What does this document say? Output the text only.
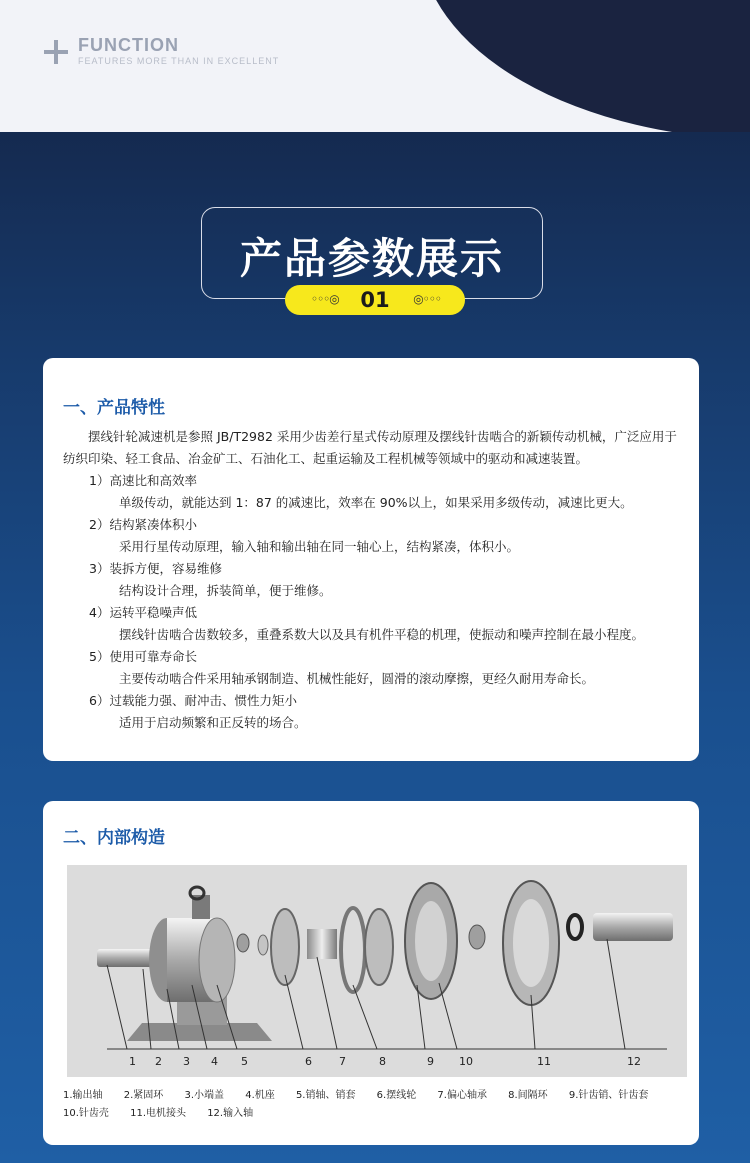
FUNCTION
FEATURES MORE THAN IN EXCELLENT
产品参数展示
◦◦◦◎	01	◎◦◦◦
一、产品特性
摆线针轮减速机是参照 JB/T2982 采用少齿差行星式传动原理及摆线针齿啮合的新颖传动机械，广泛应用于纺织印染、轻工食品、冶金矿工、石油化工、起重运输及工程机械等领域中的驱动和减速装置。
1）高速比和高效率
单级传动，就能达到 1：87 的减速比，效率在 90%以上，如果采用多级传动，减速比更大。
2）结构紧凑体积小
采用行星传动原理，输入轴和输出轴在同一轴心上，结构紧凑，体积小。
3）装拆方便，容易维修
结构设计合理，拆装简单，便于维修。
4）运转平稳噪声低
摆线针齿啮合齿数较多，重叠系数大以及具有机件平稳的机理，使振动和噪声控制在最小程度。
5）使用可靠寿命长
主要传动啮合件采用轴承钢制造、机械性能好，圆滑的滚动摩擦，更经久耐用寿命长。
6）过载能力强、耐冲击、惯性力矩小
适用于启动频繁和正反转的场合。
二、内部构造
1 2 3 4 5	6 7	8	9 10	11	12
1.输出轴 2.紧固环 3.小端盖 4.机座 5.销轴、销套 6.摆线轮 7.偏心轴承 8.间隔环 9.针齿销、针齿套
10.针齿壳 11.电机接头 12.输入轴
